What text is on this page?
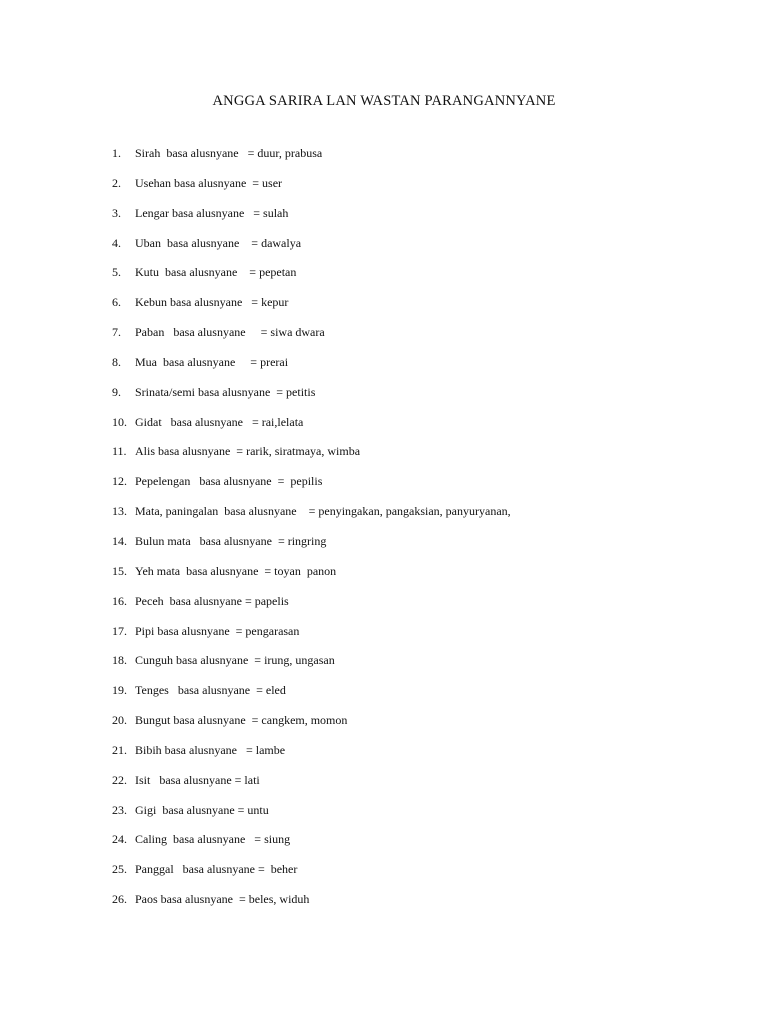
ANGGA SARIRA LAN WASTAN PARANGANNYANE
1.	Sirah  basa alusnyane   = duur, prabusa
2.	Usehan basa alusnyane  = user
3.	Lengar basa alusnyane   = sulah
4.	Uban  basa alusnyane    = dawalya
5.	Kutu  basa alusnyane    = pepetan
6.	Kebun basa alusnyane   = kepur
7.	Paban   basa alusnyane     = siwa dwara
8.	Mua  basa alusnyane     = prerai
9.	Srinata/semi basa alusnyane  = petitis
10. Gidat   basa alusnyane   = rai,lelata
11. Alis basa alusnyane  = rarik, siratmaya, wimba
12. Pepelengan   basa alusnyane  =  pepilis
13. Mata, paningalan  basa alusnyane    = penyingakan, pangaksian, panyuryanan,
14. Bulun mata   basa alusnyane  = ringring
15. Yeh mata  basa alusnyane  = toyan  panon
16. Peceh  basa alusnyane = papelis
17. Pipi basa alusnyane  = pengarasan
18. Cunguh basa alusnyane  = irung, ungasan
19. Tenges   basa alusnyane  = eled
20. Bungut basa alusnyane  = cangkem, momon
21. Bibih basa alusnyane   = lambe
22. Isit   basa alusnyane = lati
23. Gigi  basa alusnyane = untu
24. Caling  basa alusnyane   = siung
25. Panggal   basa alusnyane =  beher
26. Paos basa alusnyane  = beles, widuh
